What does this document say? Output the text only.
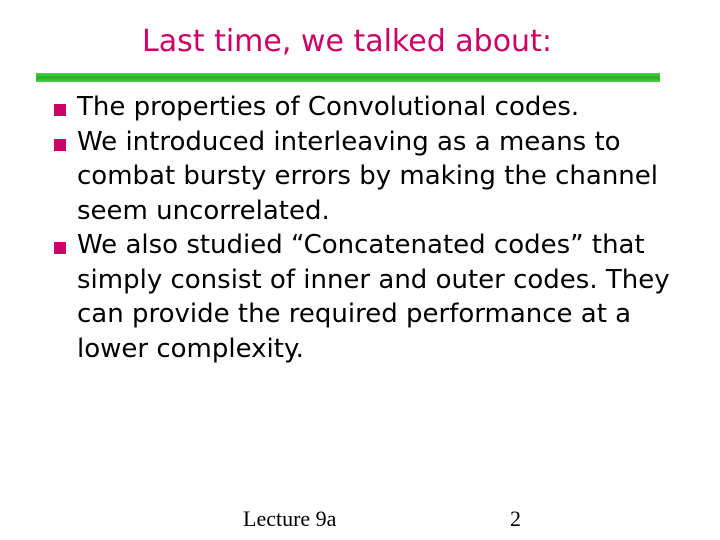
Last time, we talked about:
The properties of Convolutional codes.
We introduced interleaving as a means to combat bursty errors by making the channel seem uncorrelated.
We also studied “Concatenated codes” that simply consist of inner and outer codes. They can provide the required performance at a lower complexity.
Lecture 9a	2
